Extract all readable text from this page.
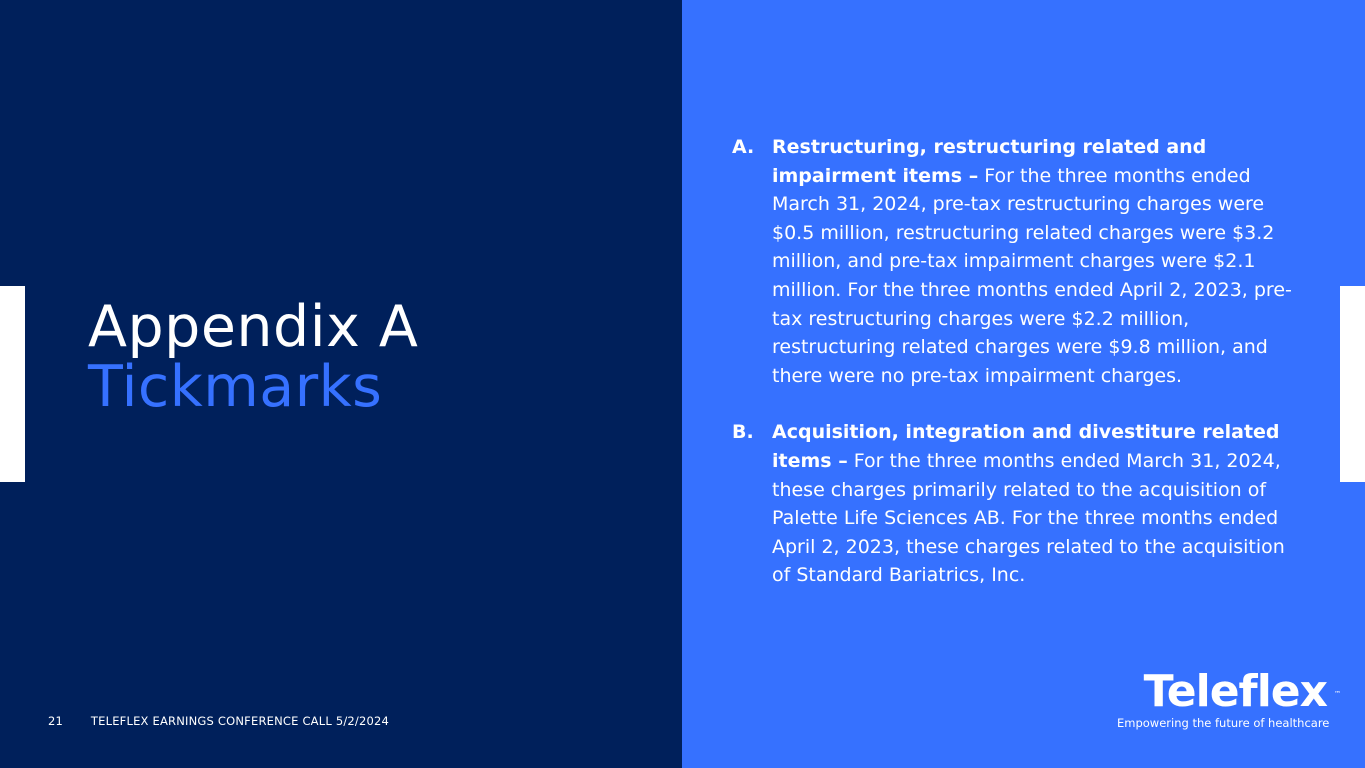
Appendix A
Tickmarks
A. Restructuring, restructuring related and impairment items – For the three months ended March 31, 2024, pre-tax restructuring charges were $0.5 million, restructuring related charges were $3.2 million, and pre-tax impairment charges were $2.1 million. For the three months ended April 2, 2023, pre-tax restructuring charges were $2.2 million, restructuring related charges were $9.8 million, and there were no pre-tax impairment charges.
B. Acquisition, integration and divestiture related items – For the three months ended March 31, 2024, these charges primarily related to the acquisition of Palette Life Sciences AB. For the three months ended April 2, 2023, these charges related to the acquisition of Standard Bariatrics, Inc.
21 TELEFLEX EARNINGS CONFERENCE CALL 5/2/2024
Teleflex ™
Empowering the future of healthcare
